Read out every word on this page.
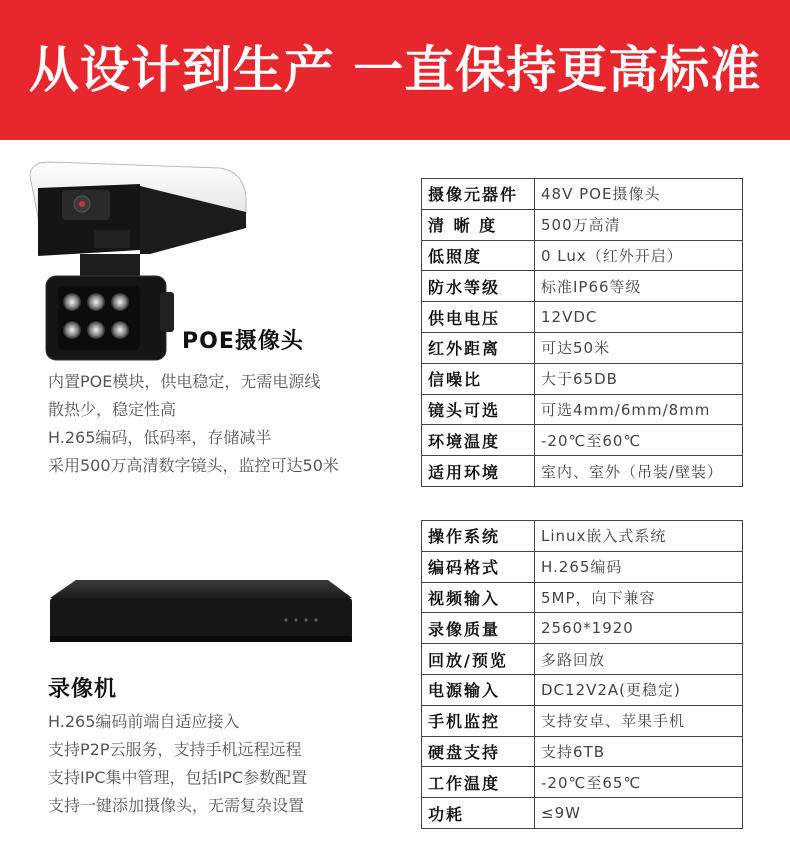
从设计到生产 一直保持更高标准
POE摄像头
内置POE模块，供电稳定，无需电源线
散热少，稳定性高
H.265编码，低码率，存储减半
采用500万高清数字镜头，监控可达50米
摄像元器件	48V POE摄像头
清 晰 度	500万高清
低照度	0 Lux（红外开启）
防水等级	标准IP66等级
供电电压	12VDC
红外距离	可达50米
信噪比	大于65DB
镜头可选	可选4mm/6mm/8mm
环境温度	-20℃至60℃
适用环境	室内、室外（吊装/壁装）
录像机
H.265编码前端自适应接入
支持P2P云服务，支持手机远程远程
支持IPC集中管理，包括IPC参数配置
支持一键添加摄像头，无需复杂设置
操作系统	Linux嵌入式系统
编码格式	H.265编码
视频输入	5MP，向下兼容
录像质量	2560*1920
回放/预览	多路回放
电源输入	DC12V2A(更稳定)
手机监控	支持安卓、苹果手机
硬盘支持	支持6TB
工作温度	-20℃至65℃
功耗	≤9W
